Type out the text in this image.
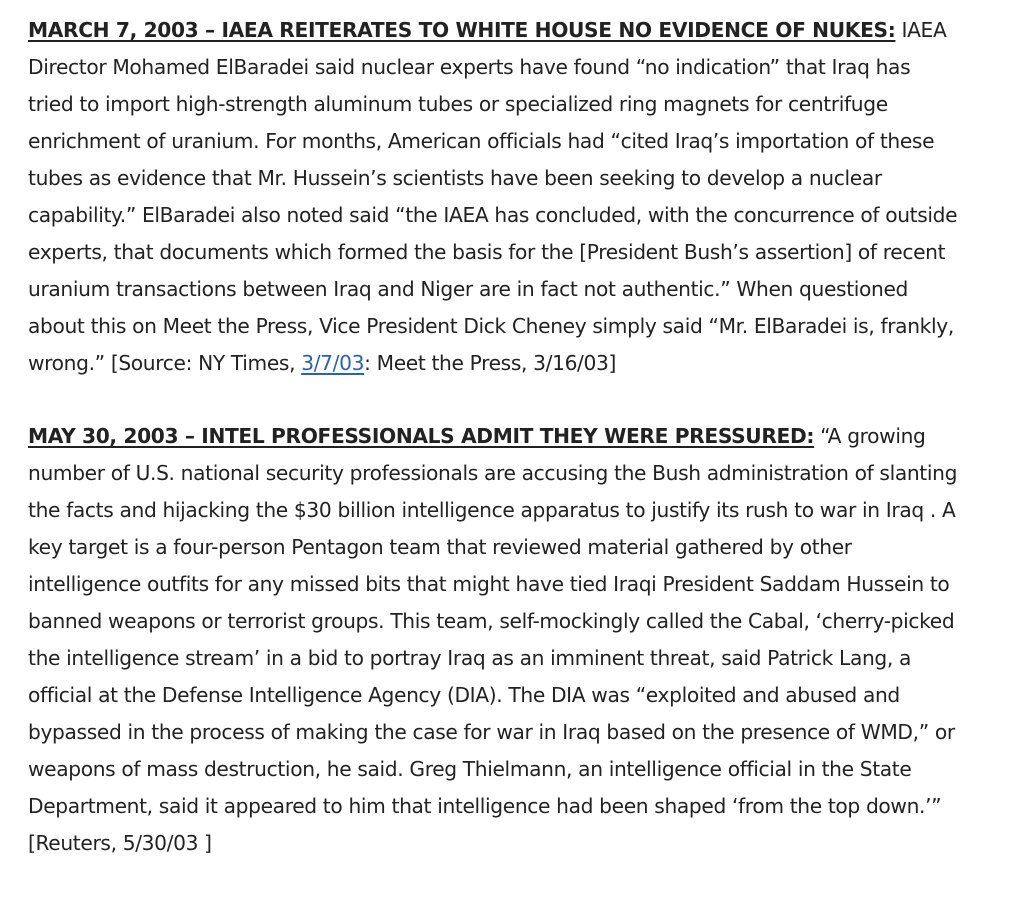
MARCH 7, 2003 – IAEA REITERATES TO WHITE HOUSE NO EVIDENCE OF NUKES: IAEA Director Mohamed ElBaradei said nuclear experts have found “no indication” that Iraq has tried to import high-strength aluminum tubes or specialized ring magnets for centrifuge enrichment of uranium. For months, American officials had “cited Iraq’s importation of these tubes as evidence that Mr. Hussein’s scientists have been seeking to develop a nuclear capability.” ElBaradei also noted said “the IAEA has concluded, with the concurrence of outside experts, that documents which formed the basis for the [President Bush’s assertion] of recent uranium transactions between Iraq and Niger are in fact not authentic.” When questioned about this on Meet the Press, Vice President Dick Cheney simply said “Mr. ElBaradei is, frankly, wrong.” [Source: NY Times, 3/7/03: Meet the Press, 3/16/03]

MAY 30, 2003 – INTEL PROFESSIONALS ADMIT THEY WERE PRESSURED: “A growing number of U.S. national security professionals are accusing the Bush administration of slanting the facts and hijacking the $30 billion intelligence apparatus to justify its rush to war in Iraq . A key target is a four-person Pentagon team that reviewed material gathered by other intelligence outfits for any missed bits that might have tied Iraqi President Saddam Hussein to banned weapons or terrorist groups. This team, self-mockingly called the Cabal, ‘cherry-picked the intelligence stream’ in a bid to portray Iraq as an imminent threat, said Patrick Lang, a official at the Defense Intelligence Agency (DIA). The DIA was “exploited and abused and bypassed in the process of making the case for war in Iraq based on the presence of WMD,” or weapons of mass destruction, he said. Greg Thielmann, an intelligence official in the State Department, said it appeared to him that intelligence had been shaped ‘from the top down.’” [Reuters, 5/30/03 ]
